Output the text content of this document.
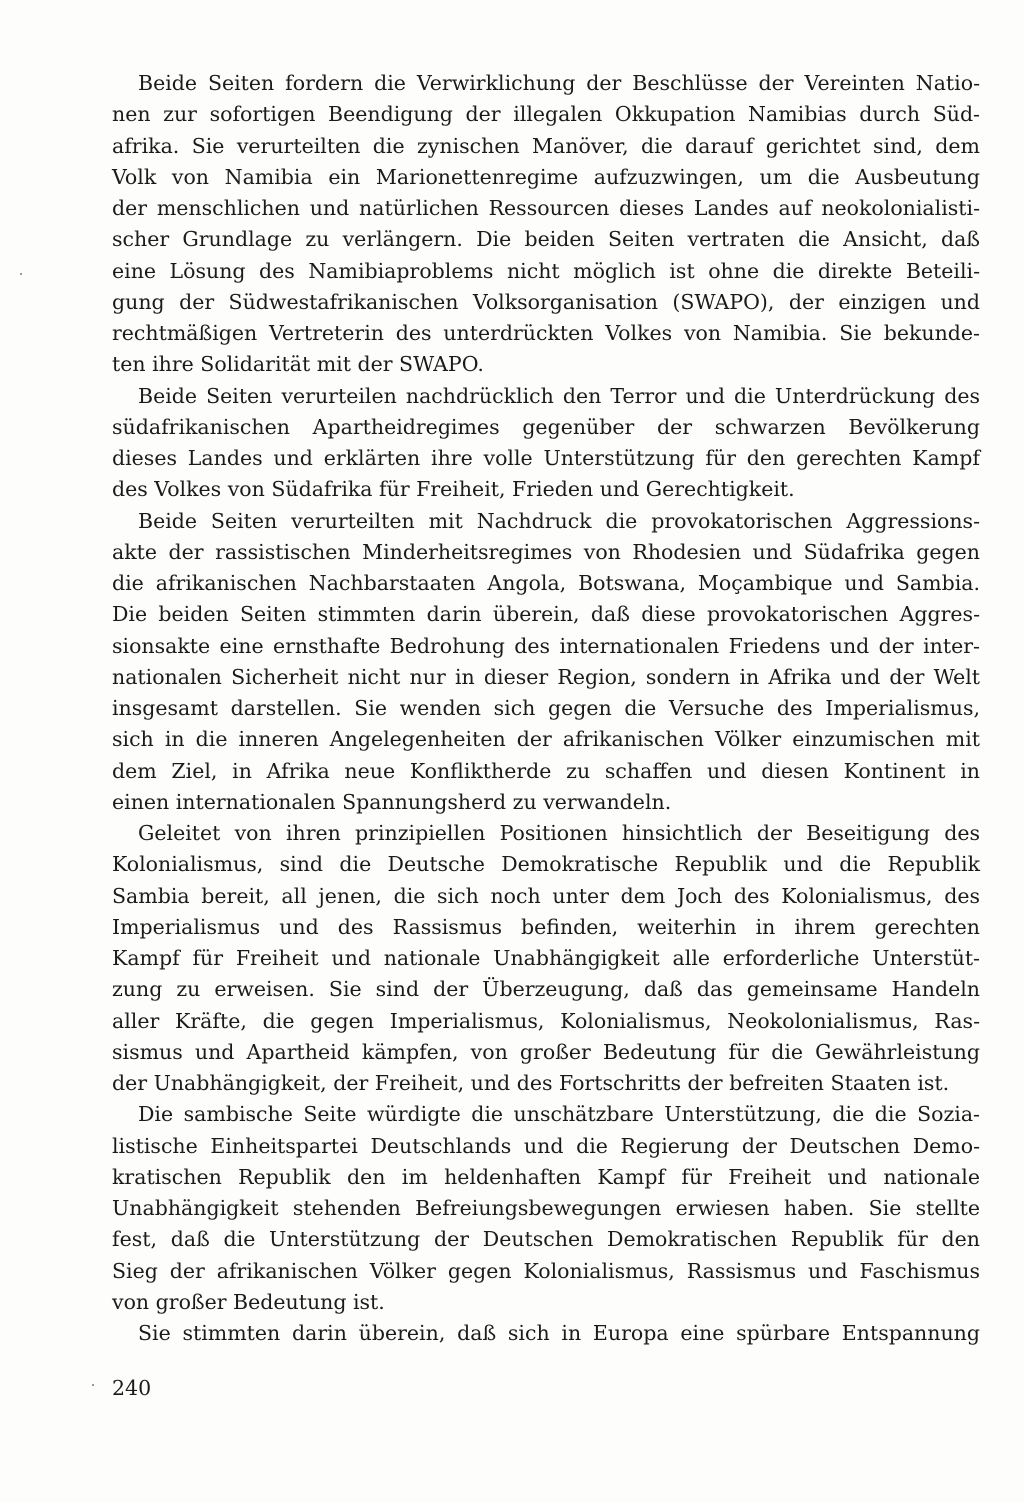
Beide Seiten fordern die Verwirklichung der Beschlüsse der Vereinten Natio-
nen zur sofortigen Beendigung der illegalen Okkupation Namibias durch Süd-
afrika. Sie verurteilten die zynischen Manöver, die darauf gerichtet sind, dem
Volk von Namibia ein Marionettenregime aufzuzwingen, um die Ausbeutung
der menschlichen und natürlichen Ressourcen dieses Landes auf neokolonialisti-
scher Grundlage zu verlängern. Die beiden Seiten vertraten die Ansicht, daß
eine Lösung des Namibiaproblems nicht möglich ist ohne die direkte Beteili-
gung der Südwestafrikanischen Volksorganisation (SWAPO), der einzigen und
rechtmäßigen Vertreterin des unterdrückten Volkes von Namibia. Sie bekunde-
ten ihre Solidarität mit der SWAPO.
Beide Seiten verurteilen nachdrücklich den Terror und die Unterdrückung des
südafrikanischen Apartheidregimes gegenüber der schwarzen Bevölkerung
dieses Landes und erklärten ihre volle Unterstützung für den gerechten Kampf
des Volkes von Südafrika für Freiheit, Frieden und Gerechtigkeit.
Beide Seiten verurteilten mit Nachdruck die provokatorischen Aggressions-
akte der rassistischen Minderheitsregimes von Rhodesien und Südafrika gegen
die afrikanischen Nachbarstaaten Angola, Botswana, Moçambique und Sambia.
Die beiden Seiten stimmten darin überein, daß diese provokatorischen Aggres-
sionsakte eine ernsthafte Bedrohung des internationalen Friedens und der inter-
nationalen Sicherheit nicht nur in dieser Region, sondern in Afrika und der Welt
insgesamt darstellen. Sie wenden sich gegen die Versuche des Imperialismus,
sich in die inneren Angelegenheiten der afrikanischen Völker einzumischen mit
dem Ziel, in Afrika neue Konfliktherde zu schaffen und diesen Kontinent in
einen internationalen Spannungsherd zu verwandeln.
Geleitet von ihren prinzipiellen Positionen hinsichtlich der Beseitigung des
Kolonialismus, sind die Deutsche Demokratische Republik und die Republik
Sambia bereit, all jenen, die sich noch unter dem Joch des Kolonialismus, des
Imperialismus und des Rassismus befinden, weiterhin in ihrem gerechten
Kampf für Freiheit und nationale Unabhängigkeit alle erforderliche Unterstüt-
zung zu erweisen. Sie sind der Überzeugung, daß das gemeinsame Handeln
aller Kräfte, die gegen Imperialismus, Kolonialismus, Neokolonialismus, Ras-
sismus und Apartheid kämpfen, von großer Bedeutung für die Gewährleistung
der Unabhängigkeit, der Freiheit, und des Fortschritts der befreiten Staaten ist.
Die sambische Seite würdigte die unschätzbare Unterstützung, die die Sozia-
listische Einheitspartei Deutschlands und die Regierung der Deutschen Demo-
kratischen Republik den im heldenhaften Kampf für Freiheit und nationale
Unabhängigkeit stehenden Befreiungsbewegungen erwiesen haben. Sie stellte
fest, daß die Unterstützung der Deutschen Demokratischen Republik für den
Sieg der afrikanischen Völker gegen Kolonialismus, Rassismus und Faschismus
von großer Bedeutung ist.
Sie stimmten darin überein, daß sich in Europa eine spürbare Entspannung
240
